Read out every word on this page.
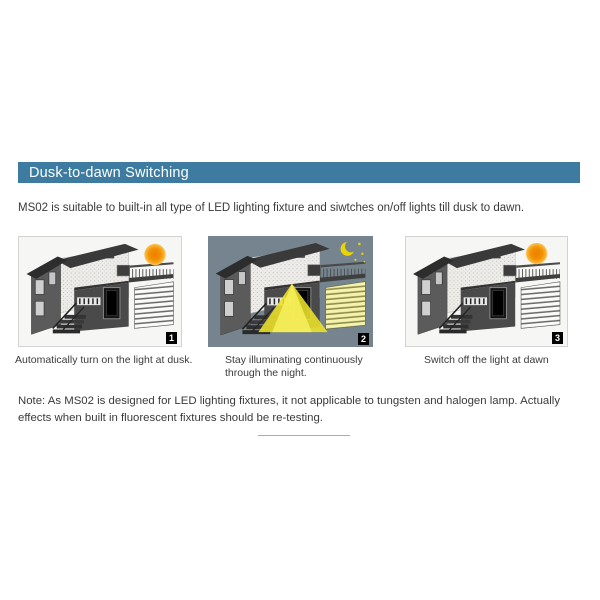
Dusk-to-dawn Switching
MS02 is suitable to built-in all type of LED lighting fixture and siwtches on/off lights till dusk to dawn.
1	2	3
Automatically turn on the light at dusk.	Stay illuminating continuously through the night.
Switch off the light at dawn
Note: As MS02 is designed for LED lighting fixtures, it not applicable to tungsten and halogen lamp. Actually effects when built in fluorescent fixtures should be re-testing.
